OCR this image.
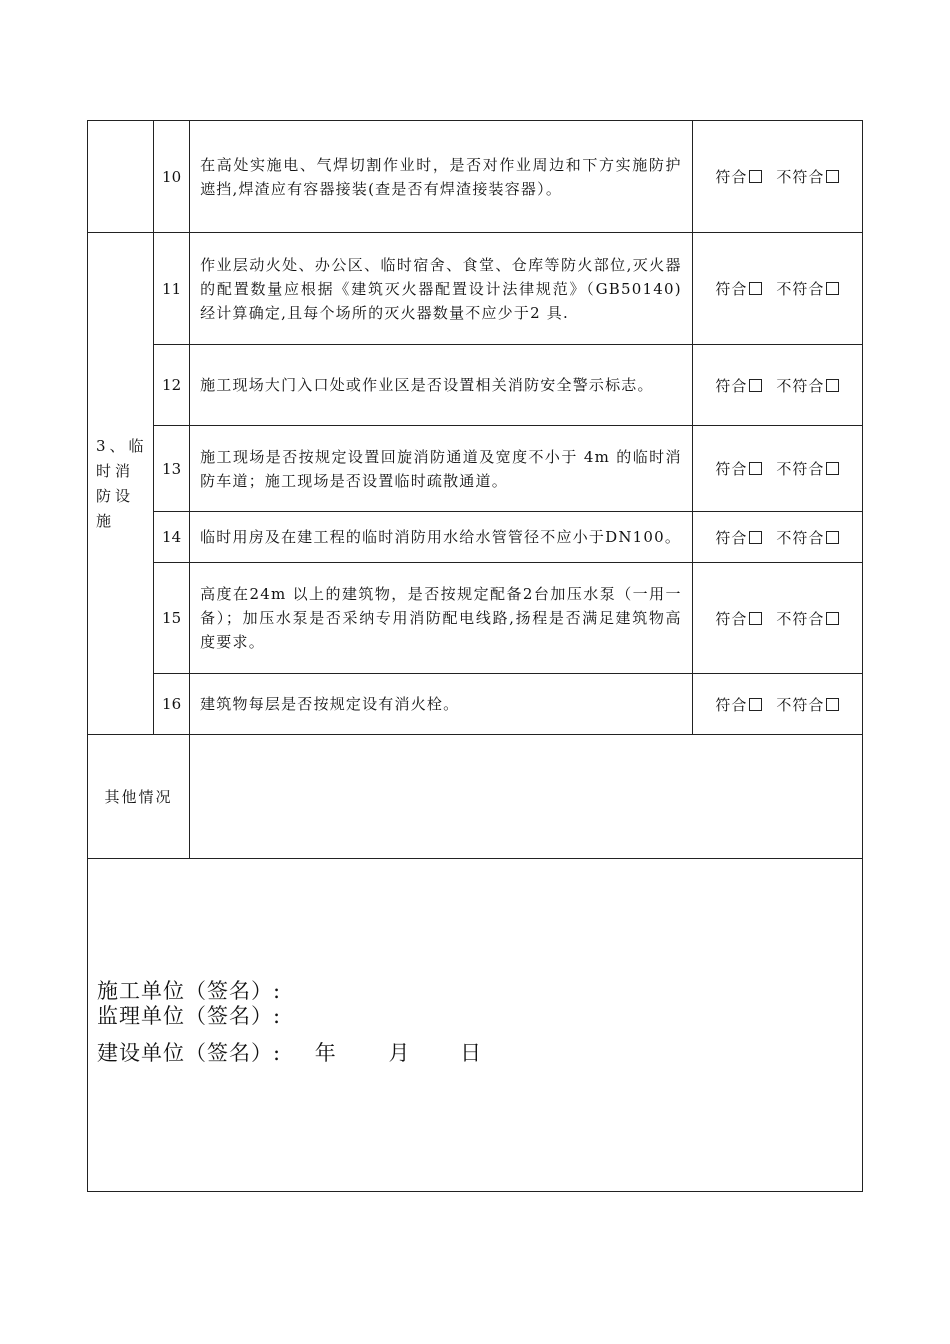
	10	在高处实施电、气焊切割作业时，是否对作业周边和下方实施防护遮挡,焊渣应有容器接装(查是否有焊渣接装容器）。	符合 不符合
3、临时消防设施	11	作业层动火处、办公区、临时宿舍、食堂、仓库等防火部位,灭火器的配置数量应根据《建筑灭火器配置设计法律规范》（GB50140)经计算确定,且每个场所的灭火器数量不应少于2 具.	符合 不符合
	12	施工现场大门入口处或作业区是否设置相关消防安全警示标志。	符合 不符合
	13	施工现场是否按规定设置回旋消防通道及宽度不小于 4m 的临时消防车道；施工现场是否设置临时疏散通道。	符合 不符合
	14	临时用房及在建工程的临时消防用水给水管管径不应小于DN100。	符合 不符合
	15	高度在24m 以上的建筑物，是否按规定配备2台加压水泵（一用一备）；加压水泵是否采纳专用消防配电线路,扬程是否满足建筑物高度要求。	符合 不符合
	16	建筑物每层是否按规定设有消火栓。	符合 不符合
其他情况			

施工单位（签名）:
监理单位（签名）:
建设单位（签名）: 年 月 日			
